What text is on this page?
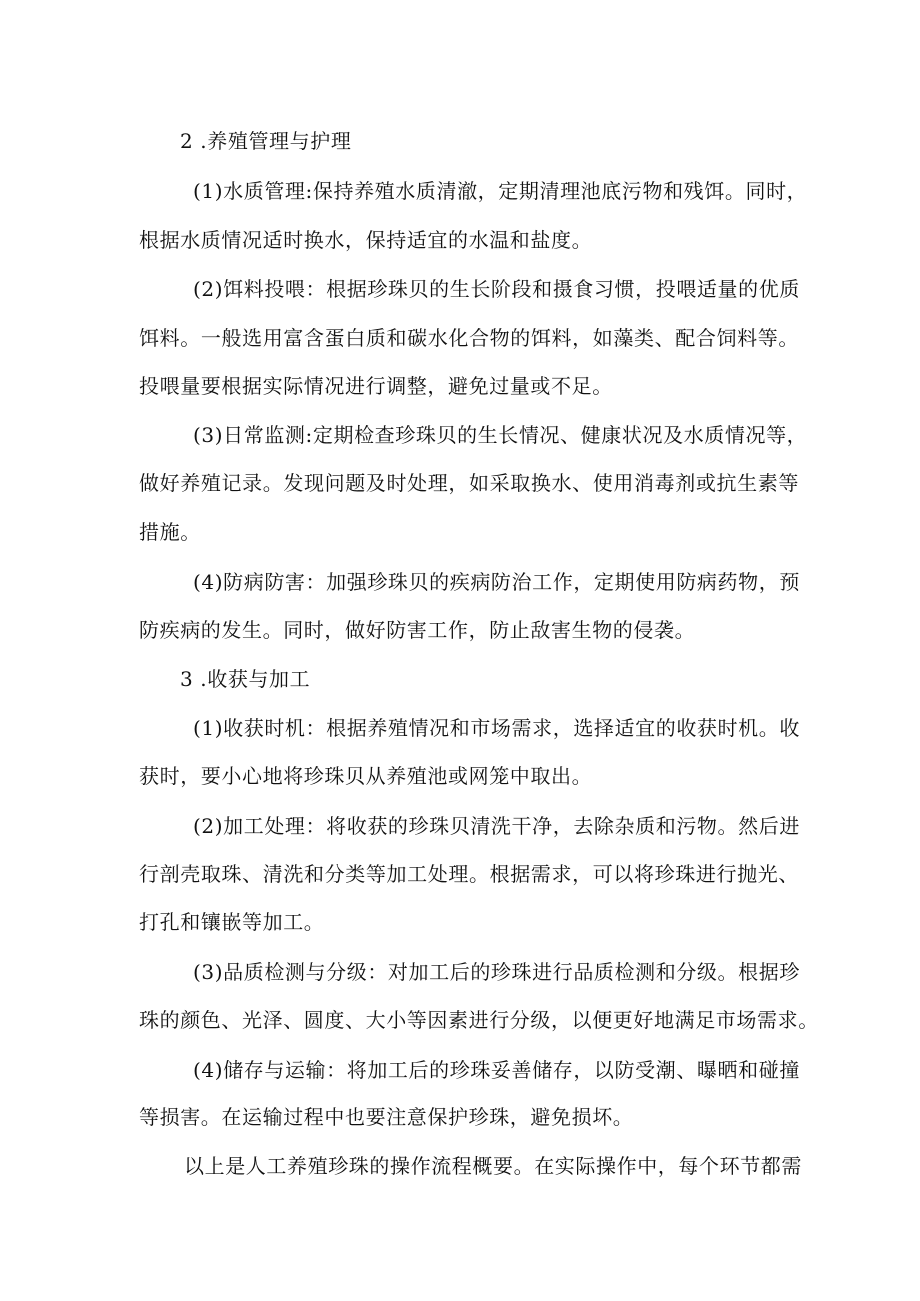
2 .养殖管理与护理
(1)水质管理:保持养殖水质清澈，定期清理池底污物和残饵。同时，
根据水质情况适时换水，保持适宜的水温和盐度。
(2)饵料投喂：根据珍珠贝的生长阶段和摄食习惯，投喂适量的优质
饵料。一般选用富含蛋白质和碳水化合物的饵料，如藻类、配合饲料等。
投喂量要根据实际情况进行调整，避免过量或不足。
(3)日常监测:定期检查珍珠贝的生长情况、健康状况及水质情况等，
做好养殖记录。发现问题及时处理，如采取换水、使用消毒剂或抗生素等
措施。
(4)防病防害：加强珍珠贝的疾病防治工作，定期使用防病药物，预
防疾病的发生。同时，做好防害工作，防止敌害生物的侵袭。
3 .收获与加工
(1)收获时机：根据养殖情况和市场需求，选择适宜的收获时机。收
获时，要小心地将珍珠贝从养殖池或网笼中取出。
(2)加工处理：将收获的珍珠贝清洗干净，去除杂质和污物。然后进
行剖壳取珠、清洗和分类等加工处理。根据需求，可以将珍珠进行抛光、
打孔和镶嵌等加工。
(3)品质检测与分级：对加工后的珍珠进行品质检测和分级。根据珍
珠的颜色、光泽、圆度、大小等因素进行分级，以便更好地满足市场需求。
(4)储存与运输：将加工后的珍珠妥善储存，以防受潮、曝晒和碰撞
等损害。在运输过程中也要注意保护珍珠，避免损坏。
以上是人工养殖珍珠的操作流程概要。在实际操作中，每个环节都需
